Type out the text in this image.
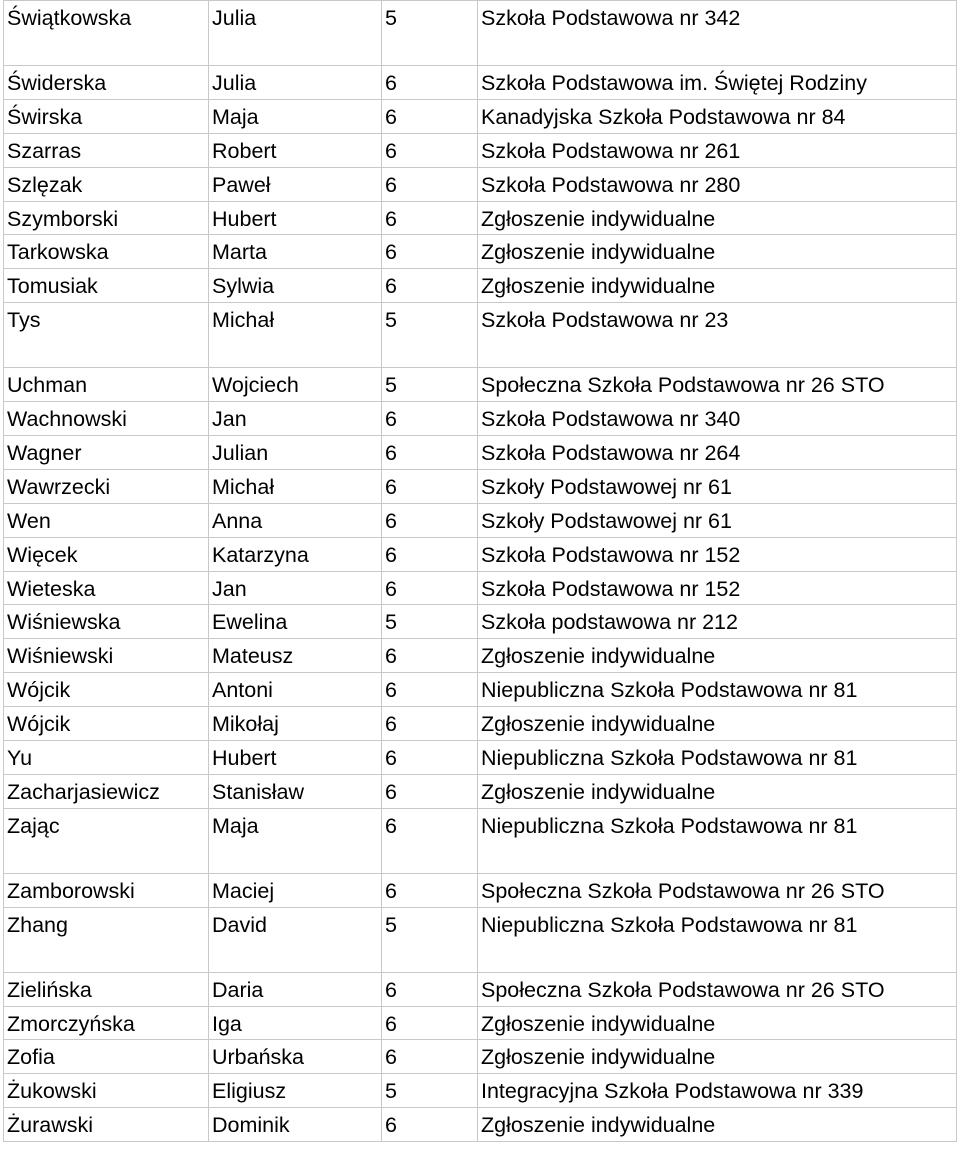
Świątkowska	Julia	5	Szkoła Podstawowa nr 342
Świderska	Julia	6	Szkoła Podstawowa im. Świętej Rodziny
Świrska	Maja	6	Kanadyjska Szkoła Podstawowa nr 84
Szarras	Robert	6	Szkoła Podstawowa nr 261
Szlęzak	Paweł	6	Szkoła Podstawowa nr 280
Szymborski	Hubert	6	Zgłoszenie indywidualne
Tarkowska	Marta	6	Zgłoszenie indywidualne
Tomusiak	Sylwia	6	Zgłoszenie indywidualne
Tys	Michał	5	Szkoła Podstawowa nr 23
Uchman	Wojciech	5	Społeczna Szkoła Podstawowa nr 26 STO
Wachnowski	Jan	6	Szkoła Podstawowa nr 340
Wagner	Julian	6	Szkoła Podstawowa nr 264
Wawrzecki	Michał	6	Szkoły Podstawowej nr 61
Wen	Anna	6	Szkoły Podstawowej nr 61
Więcek	Katarzyna	6	Szkoła Podstawowa nr 152
Wieteska	Jan	6	Szkoła Podstawowa nr 152
Wiśniewska	Ewelina	5	Szkoła podstawowa nr 212
Wiśniewski	Mateusz	6	Zgłoszenie indywidualne
Wójcik	Antoni	6	Niepubliczna Szkoła Podstawowa nr 81
Wójcik	Mikołaj	6	Zgłoszenie indywidualne
Yu	Hubert	6	Niepubliczna Szkoła Podstawowa nr 81
Zacharjasiewicz	Stanisław	6	Zgłoszenie indywidualne
Zając	Maja	6	Niepubliczna Szkoła Podstawowa nr 81
Zamborowski	Maciej	6	Społeczna Szkoła Podstawowa nr 26 STO
Zhang	David	5	Niepubliczna Szkoła Podstawowa nr 81
Zielińska	Daria	6	Społeczna Szkoła Podstawowa nr 26 STO
Zmorczyńska	Iga	6	Zgłoszenie indywidualne
Zofia	Urbańska	6	Zgłoszenie indywidualne
Żukowski	Eligiusz	5	Integracyjna Szkoła Podstawowa nr 339
Żurawski	Dominik	6	Zgłoszenie indywidualne
